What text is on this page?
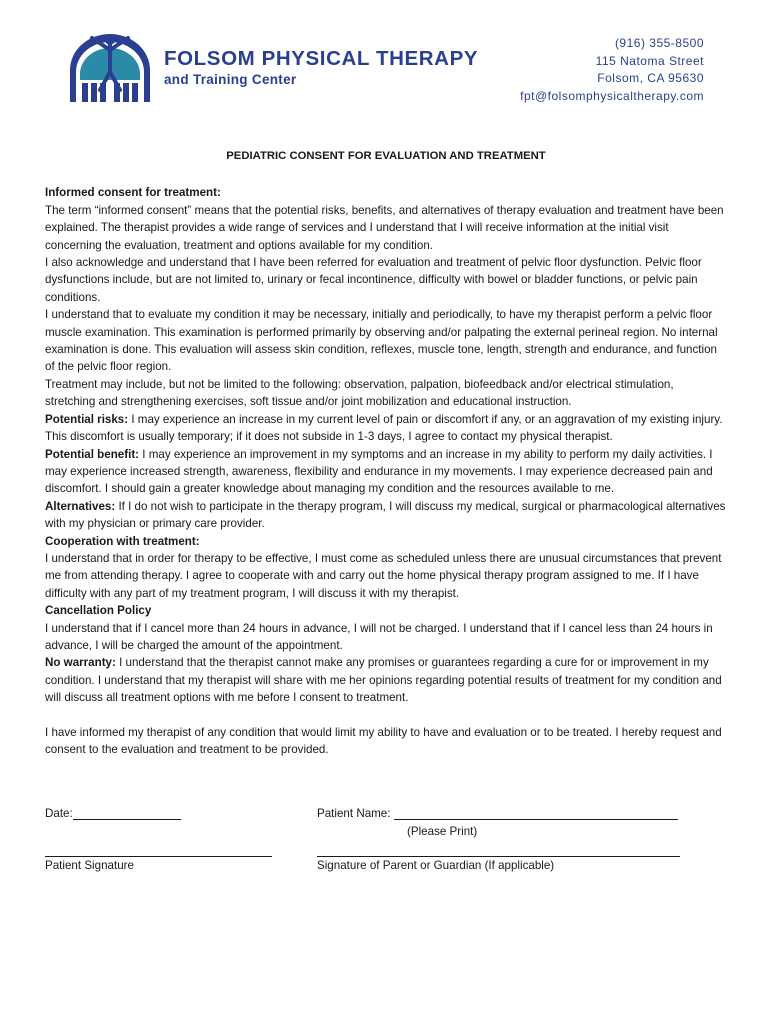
FOLSOM PHYSICAL THERAPY
and Training Center
(916) 355-8500
115 Natoma Street
Folsom, CA 95630
fpt@folsomphysicaltherapy.com
PEDIATRIC CONSENT FOR EVALUATION AND TREATMENT

Informed consent for treatment:

The term “informed consent” means that the potential risks, benefits, and alternatives of therapy evaluation and treatment have been explained. The therapist provides a wide range of services and I understand that I will receive information at the initial visit concerning the evaluation, treatment and options available for my condition.

I also acknowledge and understand that I have been referred for evaluation and treatment of pelvic floor dysfunction. Pelvic floor dysfunctions include, but are not limited to, urinary or fecal incontinence, difficulty with bowel or bladder functions, or pelvic pain conditions.

I understand that to evaluate my condition it may be necessary, initially and periodically, to have my therapist perform a pelvic floor muscle examination. This examination is performed primarily by observing and/or palpating the external perineal region. No internal examination is done. This evaluation will assess skin condition, reflexes, muscle tone, length, strength and endurance, and function of the pelvic floor region.

Treatment may include, but not be limited to the following: observation, palpation, biofeedback and/or electrical stimulation, stretching and strengthening exercises, soft tissue and/or joint mobilization and educational instruction.

Potential risks: I may experience an increase in my current level of pain or discomfort if any, or an aggravation of my existing injury. This discomfort is usually temporary; if it does not subside in 1-3 days, I agree to contact my physical therapist.

Potential benefit: I may experience an improvement in my symptoms and an increase in my ability to perform my daily activities. I may experience increased strength, awareness, flexibility and endurance in my movements. I may experience decreased pain and discomfort. I should gain a greater knowledge about managing my condition and the resources available to me.

Alternatives: If I do not wish to participate in the therapy program, I will discuss my medical, surgical or pharmacological alternatives with my physician or primary care provider.

Cooperation with treatment:

I understand that in order for therapy to be effective, I must come as scheduled unless there are unusual circumstances that prevent me from attending therapy. I agree to cooperate with and carry out the home physical therapy program assigned to me. If I have difficulty with any part of my treatment program, I will discuss it with my therapist.

Cancellation Policy

I understand that if I cancel more than 24 hours in advance, I will not be charged. I understand that if I cancel less than 24 hours in advance, I will be charged the amount of the appointment.

No warranty: I understand that the therapist cannot make any promises or guarantees regarding a cure for or improvement in my condition. I understand that my therapist will share with me her opinions regarding potential results of treatment for my condition and will discuss all treatment options with me before I consent to treatment.

I have informed my therapist of any condition that would limit my ability to have and evaluation or to be treated. I hereby request and consent to the evaluation and treatment to be provided.

Date:	Patient Name:
(Please Print)
Patient Signature	Signature of Parent or Guardian (If applicable)
